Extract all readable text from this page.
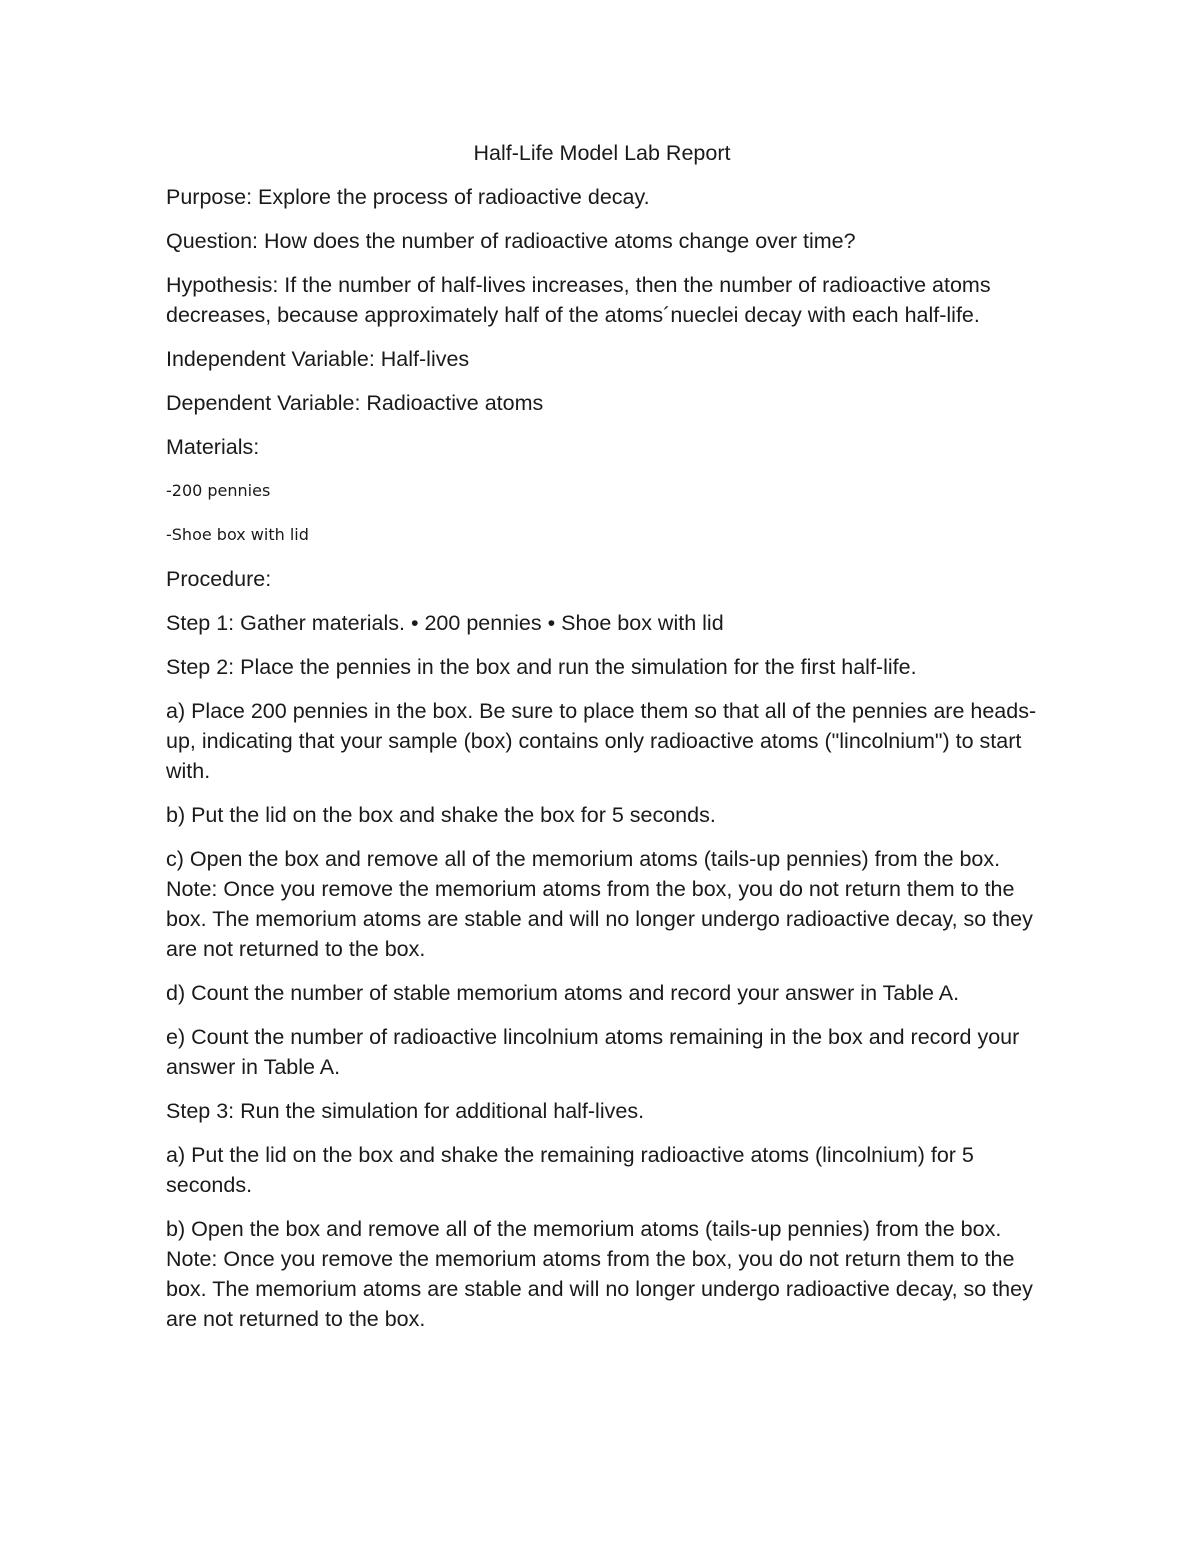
Half-Life Model Lab Report
Purpose: Explore the process of radioactive decay.
Question: How does the number of radioactive atoms change over time?
Hypothesis: If the number of half-lives increases, then the number of radioactive atoms decreases, because approximately half of the atoms´nueclei decay with each half-life.
Independent Variable: Half-lives
Dependent Variable: Radioactive atoms
Materials:
-200 pennies
-Shoe box with lid
Procedure:
Step 1: Gather materials. • 200 pennies • Shoe box with lid
Step 2: Place the pennies in the box and run the simulation for the first half-life.
a) Place 200 pennies in the box. Be sure to place them so that all of the pennies are heads-up, indicating that your sample (box) contains only radioactive atoms ("lincolnium") to start with.
b) Put the lid on the box and shake the box for 5 seconds.
c) Open the box and remove all of the memorium atoms (tails-up pennies) from the box. Note: Once you remove the memorium atoms from the box, you do not return them to the box. The memorium atoms are stable and will no longer undergo radioactive decay, so they are not returned to the box.
d) Count the number of stable memorium atoms and record your answer in Table A.
e) Count the number of radioactive lincolnium atoms remaining in the box and record your answer in Table A.
Step 3: Run the simulation for additional half-lives.
a) Put the lid on the box and shake the remaining radioactive atoms (lincolnium) for 5 seconds.
b) Open the box and remove all of the memorium atoms (tails-up pennies) from the box. Note: Once you remove the memorium atoms from the box, you do not return them to the box. The memorium atoms are stable and will no longer undergo radioactive decay, so they are not returned to the box.
